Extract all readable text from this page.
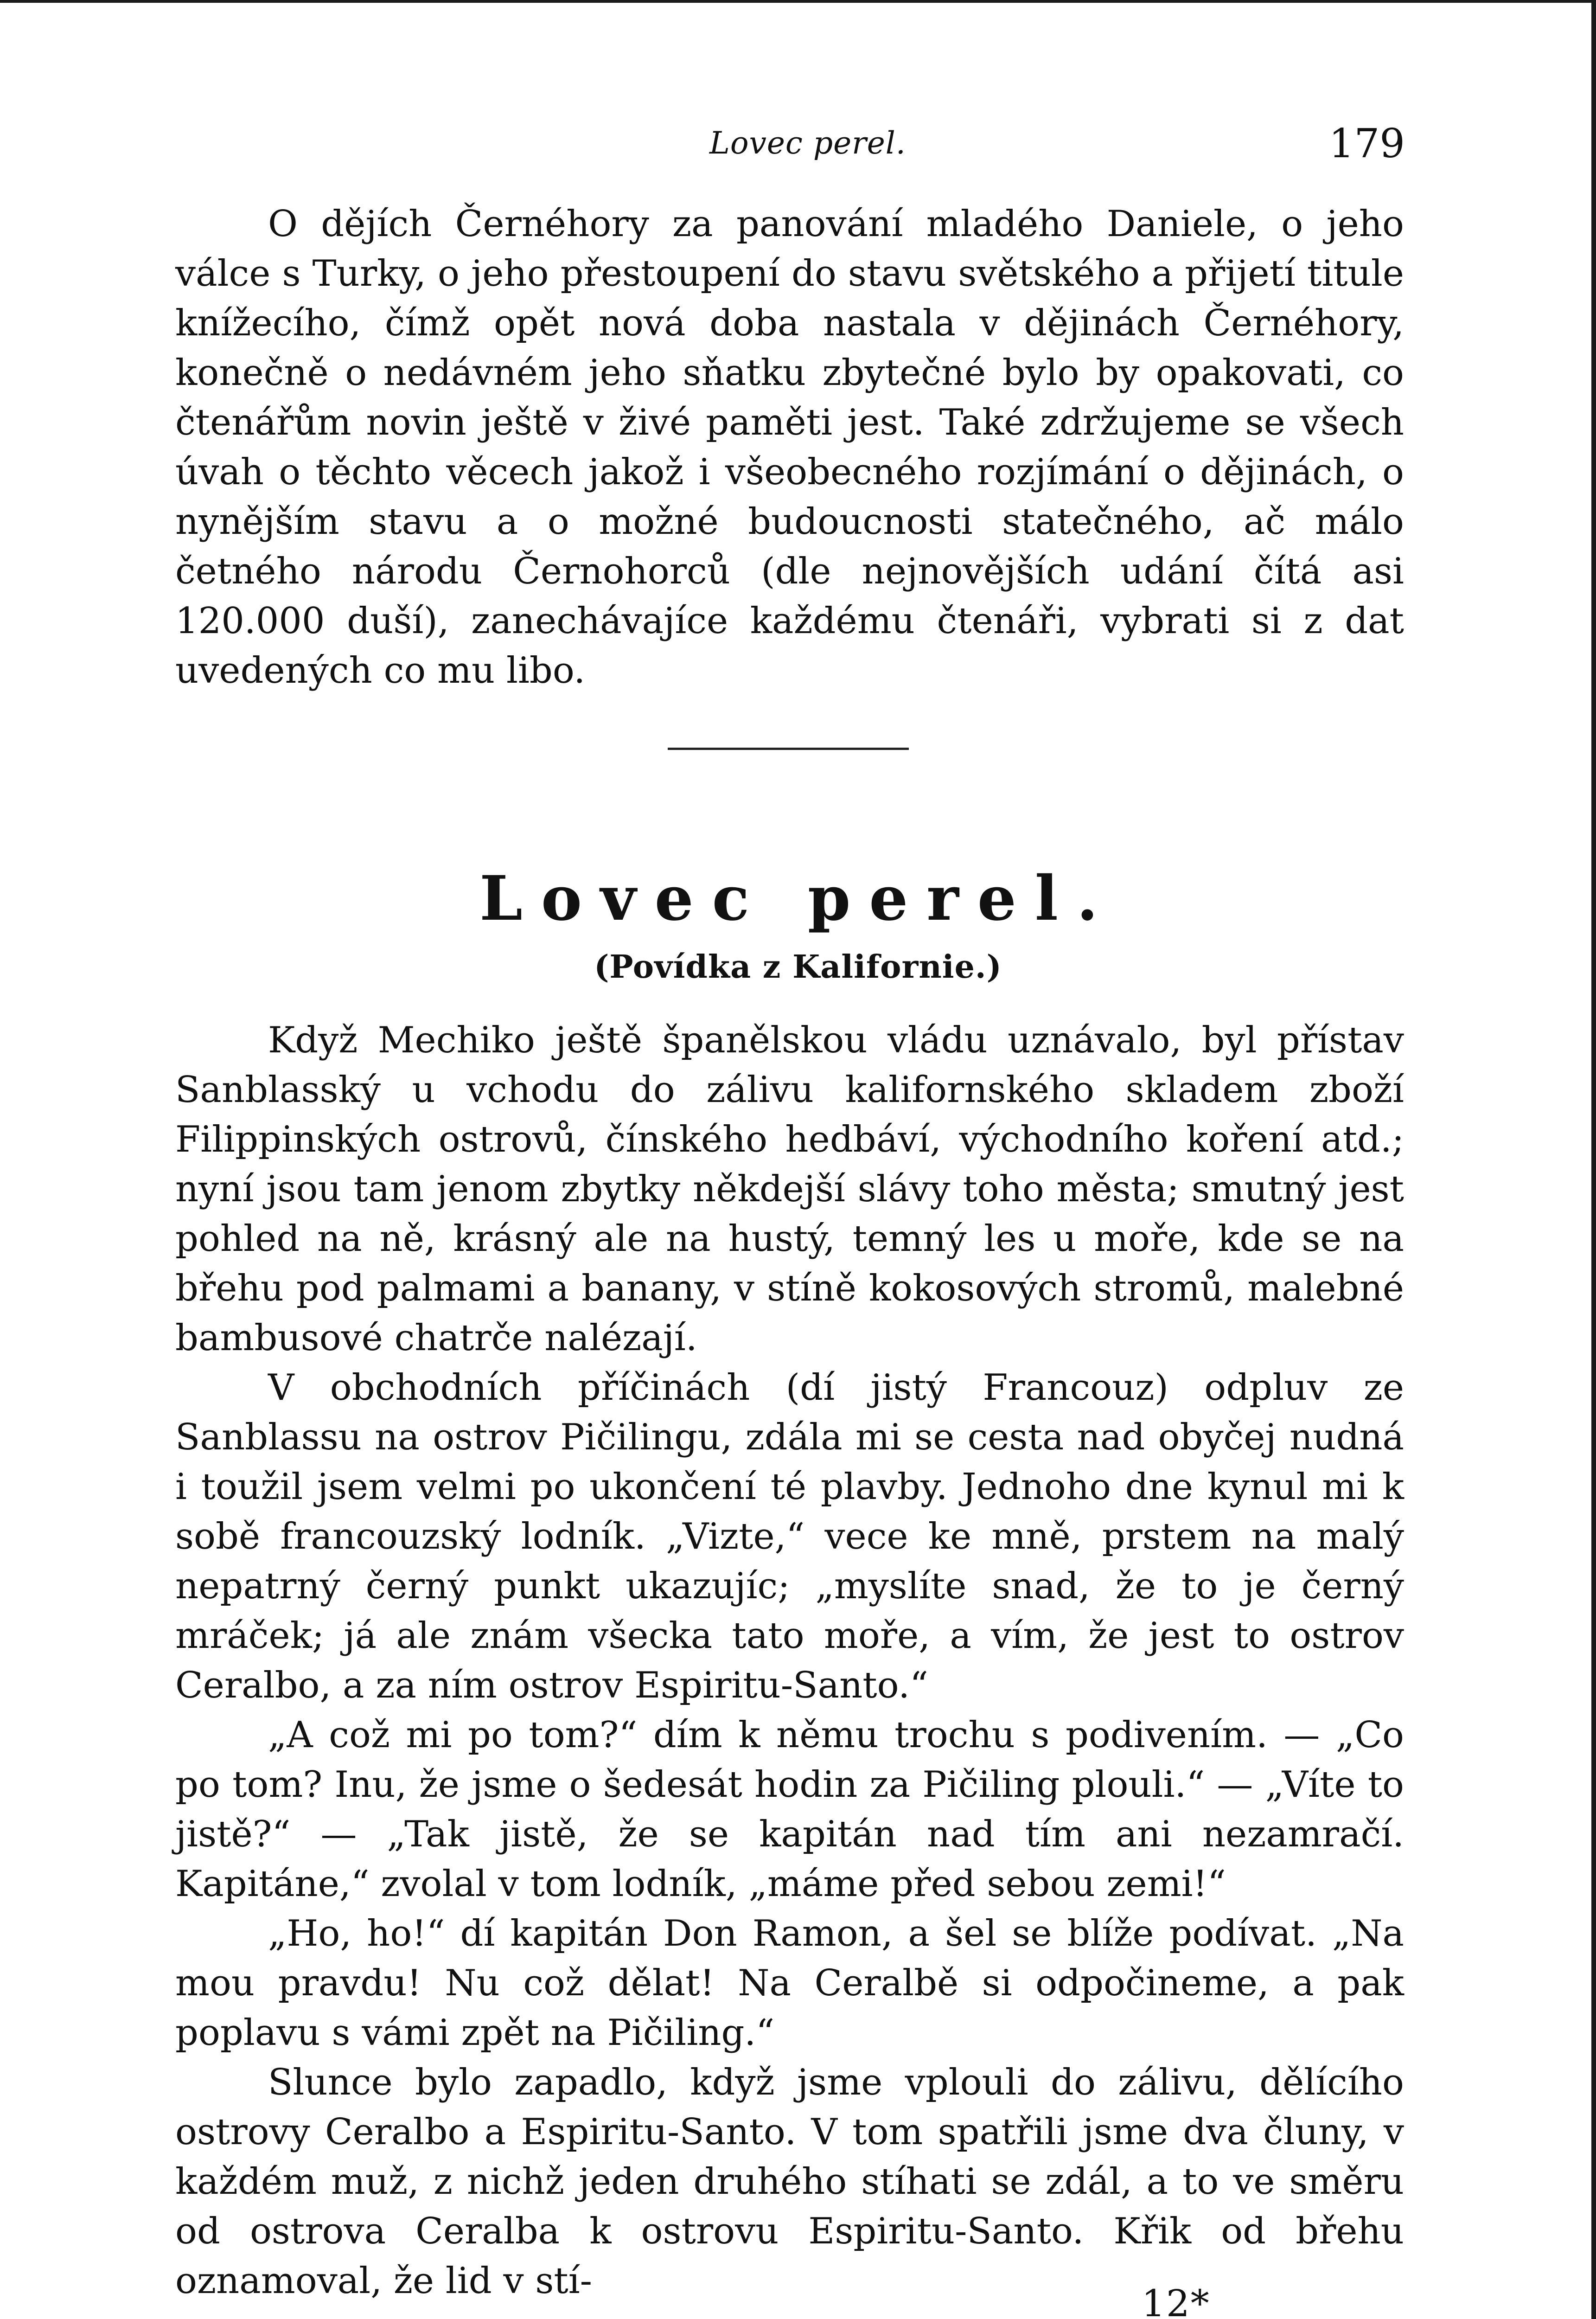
Lovec perel.	179

O dějích Černéhory za panování mladého Daniele, o jeho válce s Turky, o jeho přestoupení do stavu světského a přijetí titule knížecího, čímž opět nová doba nastala v dějinách Černéhory, konečně o nedávném jeho sňatku zbytečné bylo by opakovati, co čtenářům novin ještě v živé paměti jest. Také zdržujeme se všech úvah o těchto věcech jakož i všeobecného rozjímání o dějinách, o nynějším stavu a o možné budoucnosti statečného, ač málo četného národu Černohorců (dle nejnovějších udání čítá asi 120.000 duší), zanechávajíce každému čtenáři, vybrati si z dat uvedených co mu libo.

Lovec perel.
(Povídka z Kalifornie.)

Když Mechiko ještě španělskou vládu uznávalo, byl přístav Sanblasský u vchodu do zálivu kalifornského skladem zboží Filippinských ostrovů, čínského hedbáví, východního koření atd.; nyní jsou tam jenom zbytky někdejší slávy toho města; smutný jest pohled na ně, krásný ale na hustý, temný les u moře, kde se na břehu pod palmami a banany, v stíně kokosových stromů, malebné bambusové chatrče nalézají.

V obchodních příčinách (dí jistý Francouz) odpluv ze Sanblassu na ostrov Pičilingu, zdála mi se cesta nad obyčej nudná i toužil jsem velmi po ukončení té plavby. Jednoho dne kynul mi k sobě francouzský lodník. „Vizte,“ vece ke mně, prstem na malý nepatrný černý punkt ukazujíc; „myslíte snad, že to je černý mráček; já ale znám všecka tato moře, a vím, že jest to ostrov Ceralbo, a za ním ostrov Espiritu-Santo.“

„A což mi po tom?“ dím k němu trochu s podivením. — „Co po tom? Inu, že jsme o šedesát hodin za Pičiling plouli.“ — „Víte to jistě?“ — „Tak jistě, že se kapitán nad tím ani nezamračí. Kapitáne,“ zvolal v tom lodník, „máme před sebou zemi!“

„Ho, ho!“ dí kapitán Don Ramon, a šel se blíže podívat. „Na mou pravdu! Nu což dělat! Na Ceralbě si odpočineme, a pak poplavu s vámi zpět na Pičiling.“

Slunce bylo zapadlo, když jsme vplouli do zálivu, dělícího ostrovy Ceralbo a Espiritu-Santo. V tom spatřili jsme dva čluny, v každém muž, z nichž jeden druhého stíhati se zdál, a to ve směru od ostrova Ceralba k ostrovu Espiritu-Santo. Křik od břehu oznamoval, že lid v stí-

12*
